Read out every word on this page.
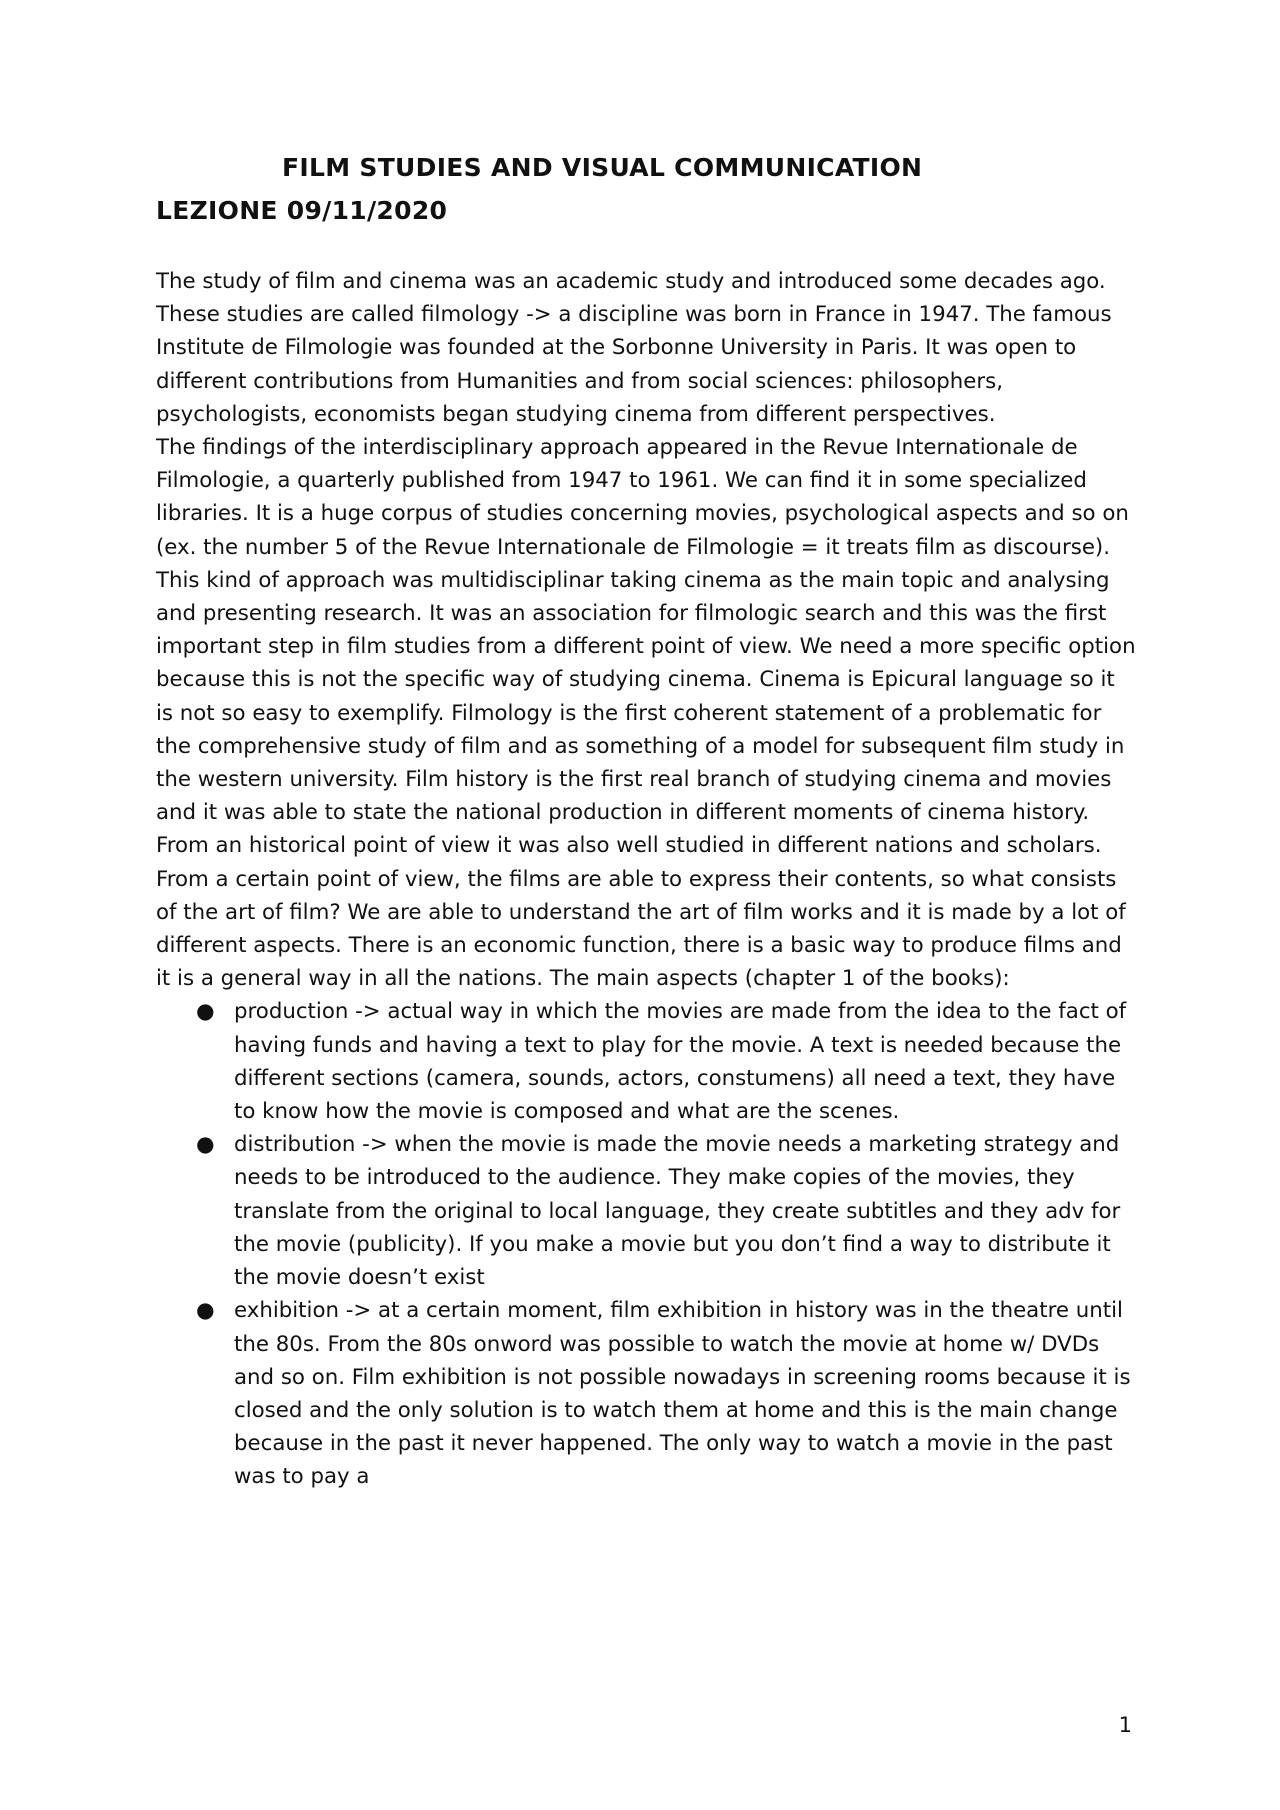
FILM STUDIES AND VISUAL COMMUNICATION
LEZIONE 09/11/2020

The study of film and cinema was an academic study and introduced some decades ago. These studies are called filmology -> a discipline was born in France in 1947. The famous Institute de Filmologie was founded at the Sorbonne University in Paris. It was open to different contributions from Humanities and from social sciences: philosophers, psychologists, economists began studying cinema from different perspectives.

The findings of the interdisciplinary approach appeared in the Revue Internationale de Filmologie, a quarterly published from 1947 to 1961. We can find it in some specialized libraries. It is a huge corpus of studies concerning movies, psychological aspects and so on (ex. the number 5 of the Revue Internationale de Filmologie = it treats film as discourse). This kind of approach was multidisciplinar taking cinema as the main topic and analysing and presenting research. It was an association for filmologic search and this was the first important step in film studies from a different point of view. We need a more specific option because this is not the specific way of studying cinema. Cinema is Epicural language so it is not so easy to exemplify. Filmology is the first coherent statement of a problematic for the comprehensive study of film and as something of a model for subsequent film study in the western university. Film history is the first real branch of studying cinema and movies and it was able to state the national production in different moments of cinema history. From an historical point of view it was also well studied in different nations and scholars. From a certain point of view, the films are able to express their contents, so what consists of the art of film? We are able to understand the art of film works and it is made by a lot of different aspects. There is an economic function, there is a basic way to produce films and it is a general way in all the nations. The main aspects (chapter 1 of the books):

● production -> actual way in which the movies are made from the idea to the fact of having funds and having a text to play for the movie. A text is needed because the different sections (camera, sounds, actors, constumens) all need a text, they have to know how the movie is composed and what are the scenes.
● distribution -> when the movie is made the movie needs a marketing strategy and needs to be introduced to the audience. They make copies of the movies, they translate from the original to local language, they create subtitles and they adv for the movie (publicity). If you make a movie but you don’t find a way to distribute it the movie doesn’t exist
● exhibition -> at a certain moment, film exhibition in history was in the theatre until the 80s. From the 80s onword was possible to watch the movie at home w/ DVDs and so on. Film exhibition is not possible nowadays in screening rooms because it is closed and the only solution is to watch them at home and this is the main change because in the past it never happened. The only way to watch a movie in the past was to pay a

1
